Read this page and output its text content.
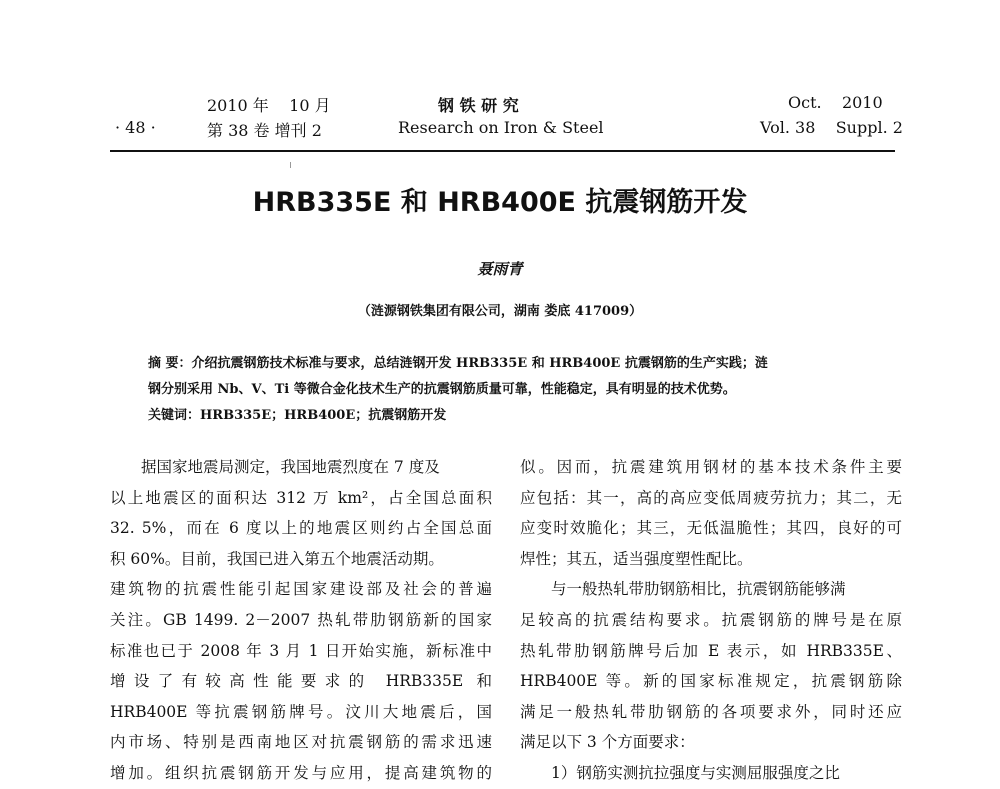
· 48 ·
2010 年    10 月
第 38 卷 增刊 2
钢 铁 研 究
Research on Iron & Steel
Oct.    2010
Vol. 38    Suppl. 2
HRB335E 和 HRB400E 抗震钢筋开发
聂雨青
（涟源钢铁集团有限公司，湖南 娄底 417009）
摘 要：介绍抗震钢筋技术标准与要求，总结涟钢开发 HRB335E 和 HRB400E 抗震钢筋的生产实践；涟
钢分别采用 Nb、V、Ti 等微合金化技术生产的抗震钢筋质量可靠，性能稳定，具有明显的技术优势。
关键词：HRB335E；HRB400E；抗震钢筋开发
　　据国家地震局测定，我国地震烈度在 7 度及
以上地震区的面积达 312 万 km²，占全国总面积
32. 5%，而在 6 度以上的地震区则约占全国总面
积 60%。目前，我国已进入第五个地震活动期。
建筑物的抗震性能引起国家建设部及社会的普遍
关注。GB 1499. 2－2007 热轧带肋钢筋新的国家
标准也已于 2008 年 3 月 1 日开始实施，新标准中
增设了有较高性能要求的 HRB335E 和
HRB400E 等抗震钢筋牌号。汶川大地震后，国
内市场、特别是西南地区对抗震钢筋的需求迅速
增加。组织抗震钢筋开发与应用，提高建筑物的
似。因而，抗震建筑用钢材的基本技术条件主要
应包括：其一，高的高应变低周疲劳抗力；其二，无
应变时效脆化；其三，无低温脆性；其四，良好的可
焊性；其五，适当强度塑性配比。
　　与一般热轧带肋钢筋相比，抗震钢筋能够满
足较高的抗震结构要求。抗震钢筋的牌号是在原
热轧带肋钢筋牌号后加 E 表示，如 HRB335E、
HRB400E 等。新的国家标准规定，抗震钢筋除
满足一般热轧带肋钢筋的各项要求外，同时还应
满足以下 3 个方面要求：
　　1）钢筋实测抗拉强度与实测屈服强度之比
